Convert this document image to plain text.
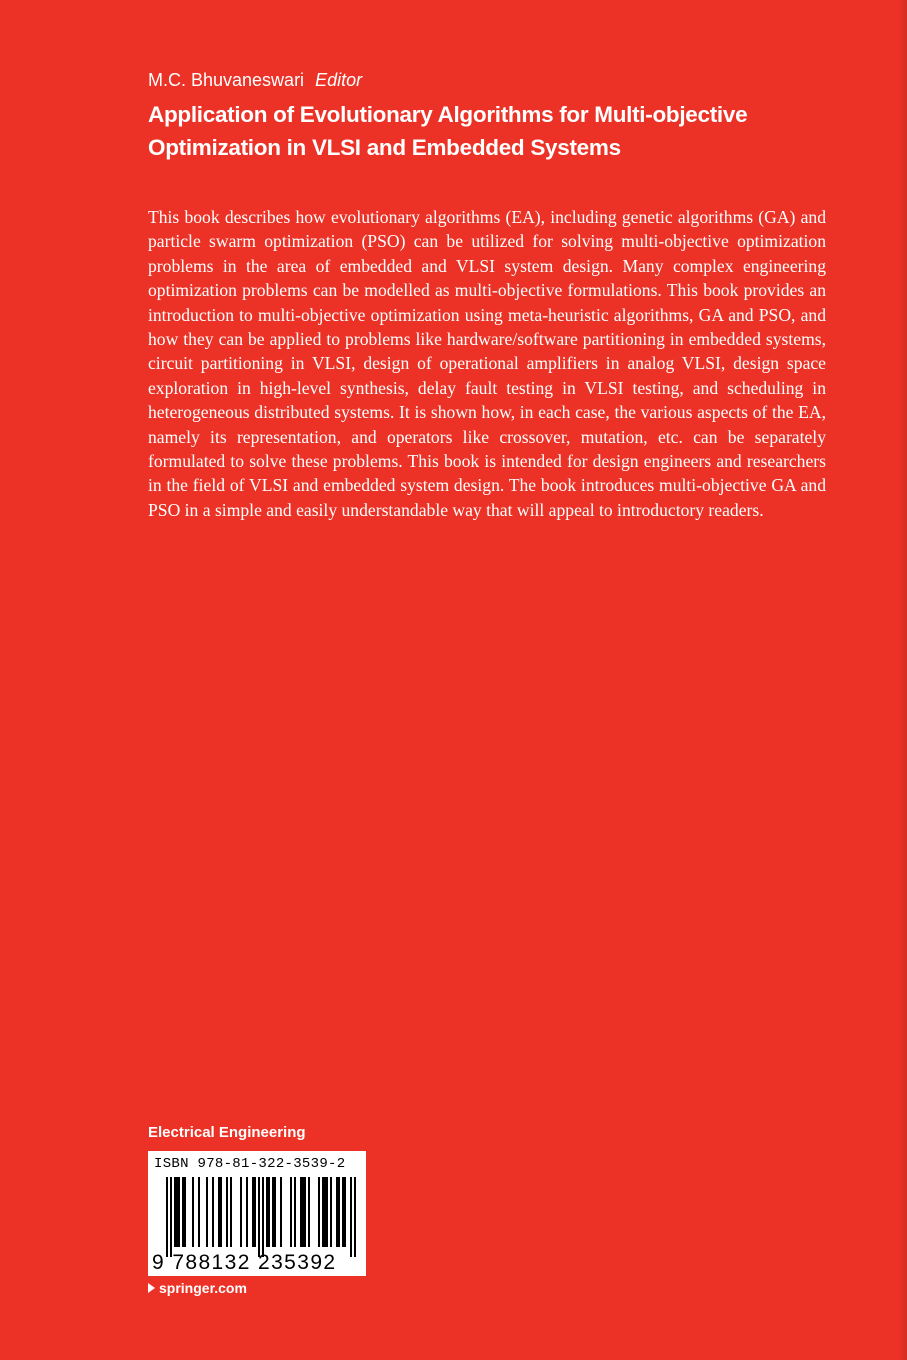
M.C. Bhuvaneswari Editor
Application of Evolutionary Algorithms for Multi-objective Optimization in VLSI and Embedded Systems

This book describes how evolutionary algorithms (EA), including genetic algorithms (GA) and particle swarm optimization (PSO) can be utilized for solving multi-objective optimization problems in the area of embedded and VLSI system design. Many complex engineering optimization problems can be modelled as multi-objective formulations. This book provides an introduction to multi-objective optimization using meta-heuristic algorithms, GA and PSO, and how they can be applied to problems like hardware/software partitioning in embedded systems, circuit partitioning in VLSI, design of operational amplifiers in analog VLSI, design space exploration in high-level synthesis, delay fault testing in VLSI testing, and scheduling in heterogeneous distributed systems. It is shown how, in each case, the various aspects of the EA, namely its representation, and operators like crossover, mutation, etc. can be separately formulated to solve these problems. This book is intended for design engineers and researchers in the field of VLSI and embedded system design. The book introduces multi-objective GA and PSO in a simple and easily understandable way that will appeal to introductory readers.

Electrical Engineering
ISBN 978-81-322-3539-2
9 788132 235392
springer.com
